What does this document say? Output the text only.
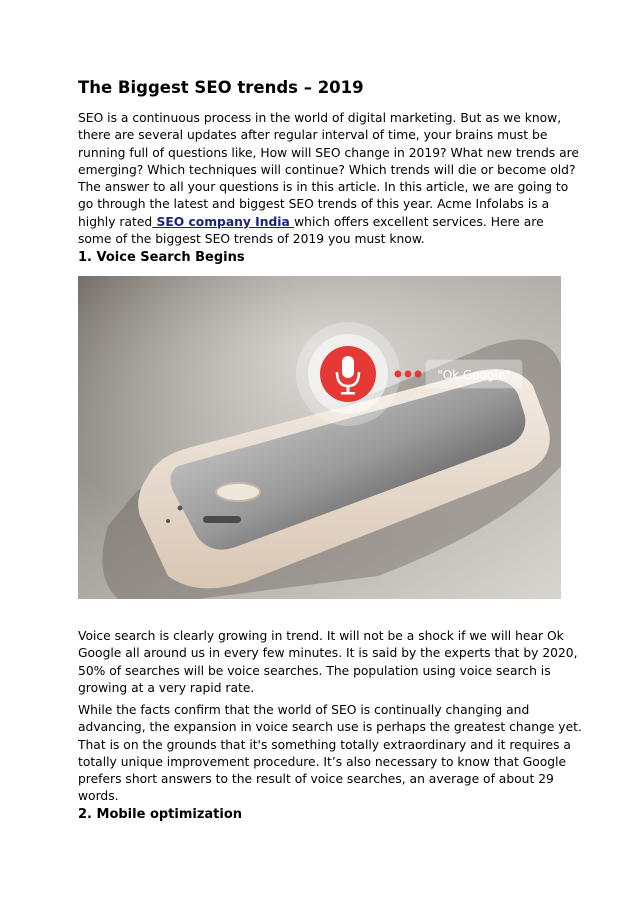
The Biggest SEO trends – 2019
SEO is a continuous process in the world of digital marketing. But as we know,
there are several updates after regular interval of time, your brains must be
running full of questions like, How will SEO change in 2019? What new trends are
emerging? Which techniques will continue? Which trends will die or become old?
The answer to all your questions is in this article. In this article, we are going to
go through the latest and biggest SEO trends of this year. Acme Infolabs is a
highly rated SEO company India which offers excellent services. Here are
some of the biggest SEO trends of 2019 you must know.
1. Voice Search Begins
"Ok Google"
Voice search is clearly growing in trend. It will not be a shock if we will hear Ok
Google all around us in every few minutes. It is said by the experts that by 2020,
50% of searches will be voice searches. The population using voice search is
growing at a very rapid rate.
While the facts confirm that the world of SEO is continually changing and
advancing, the expansion in voice search use is perhaps the greatest change yet.
That is on the grounds that it's something totally extraordinary and it requires a
totally unique improvement procedure. It’s also necessary to know that Google
prefers short answers to the result of voice searches, an average of about 29
words.
2. Mobile optimization
